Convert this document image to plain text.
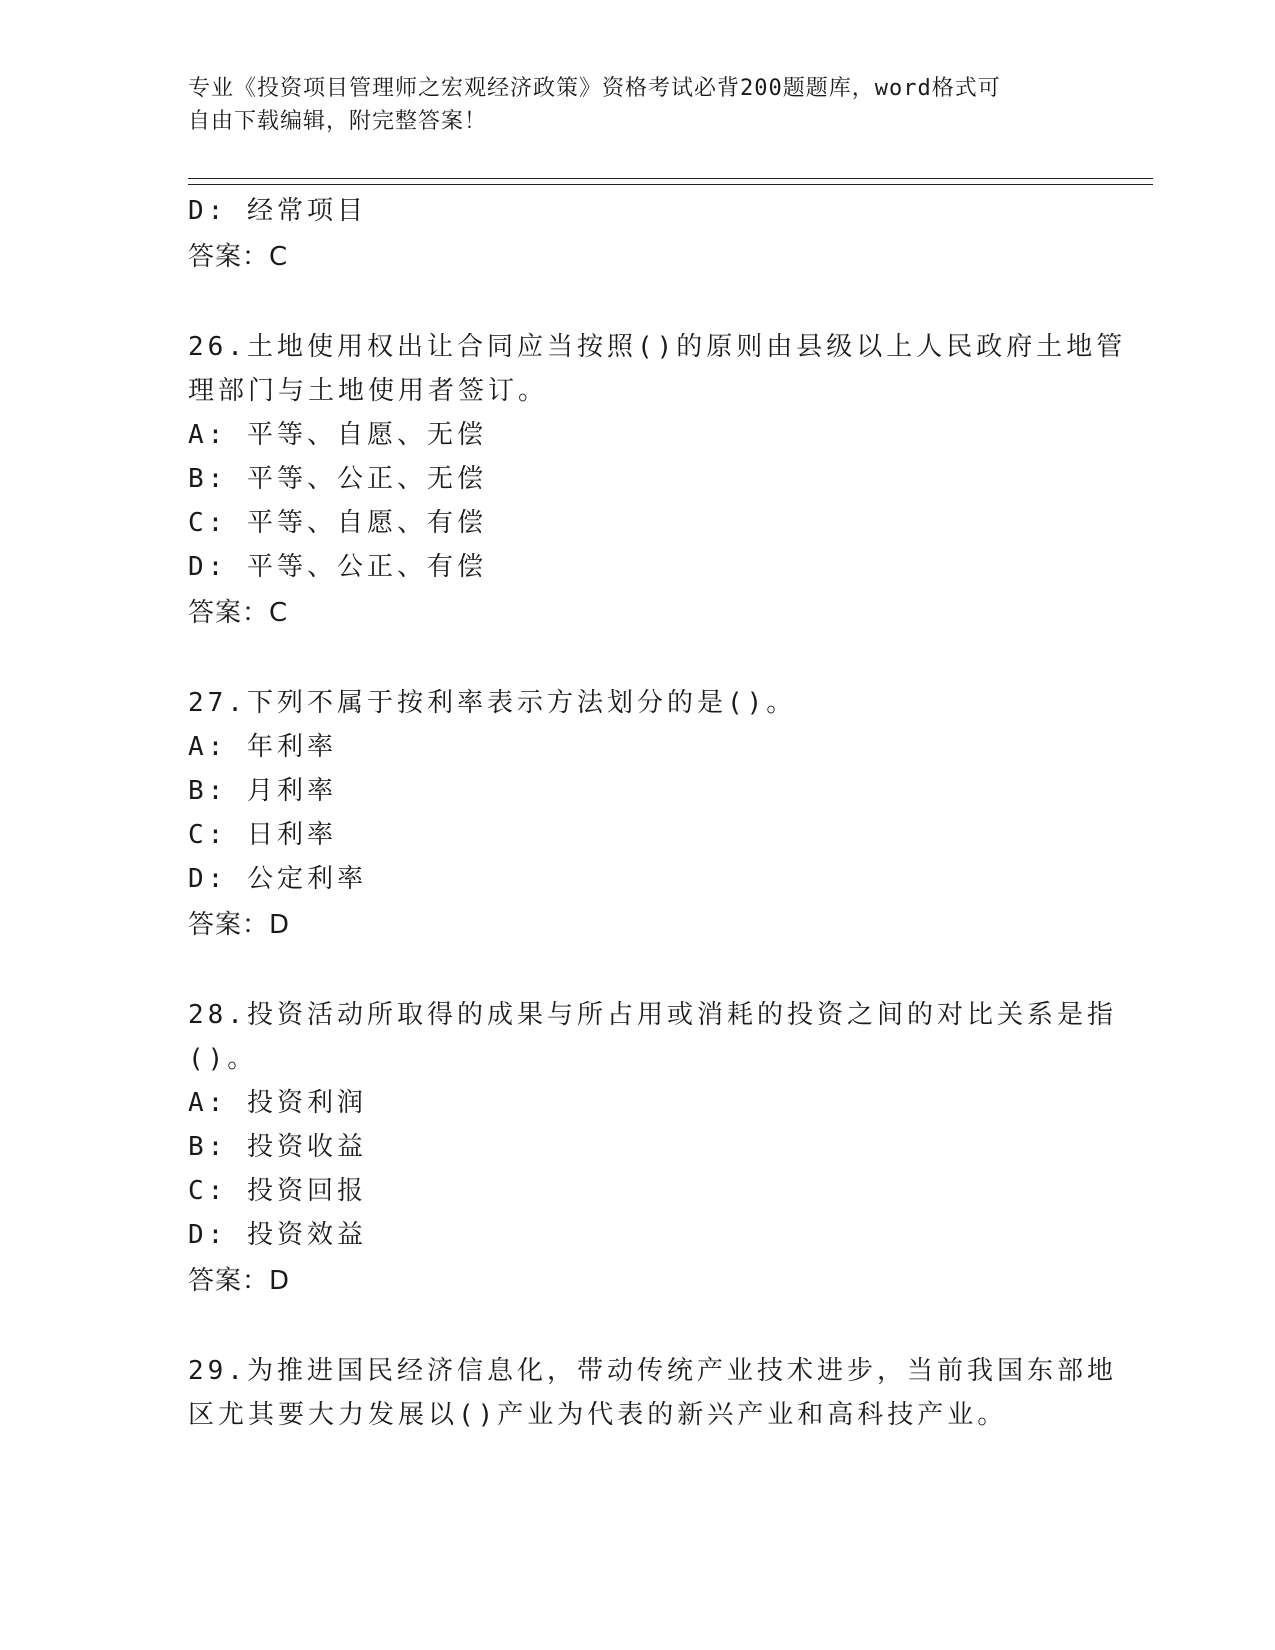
专业《投资项目管理师之宏观经济政策》资格考试必背200题题库，word格式可
自由下载编辑，附完整答案！
D: 经常项目
答案：C
26.土地使用权出让合同应当按照()的原则由县级以上人民政府土地管
理部门与土地使用者签订。
A: 平等、自愿、无偿
B: 平等、公正、无偿
C: 平等、自愿、有偿
D: 平等、公正、有偿
答案：C
27.下列不属于按利率表示方法划分的是()。
A: 年利率
B: 月利率
C: 日利率
D: 公定利率
答案：D
28.投资活动所取得的成果与所占用或消耗的投资之间的对比关系是指
()。
A: 投资利润
B: 投资收益
C: 投资回报
D: 投资效益
答案：D
29.为推进国民经济信息化，带动传统产业技术进步，当前我国东部地
区尤其要大力发展以()产业为代表的新兴产业和高科技产业。
